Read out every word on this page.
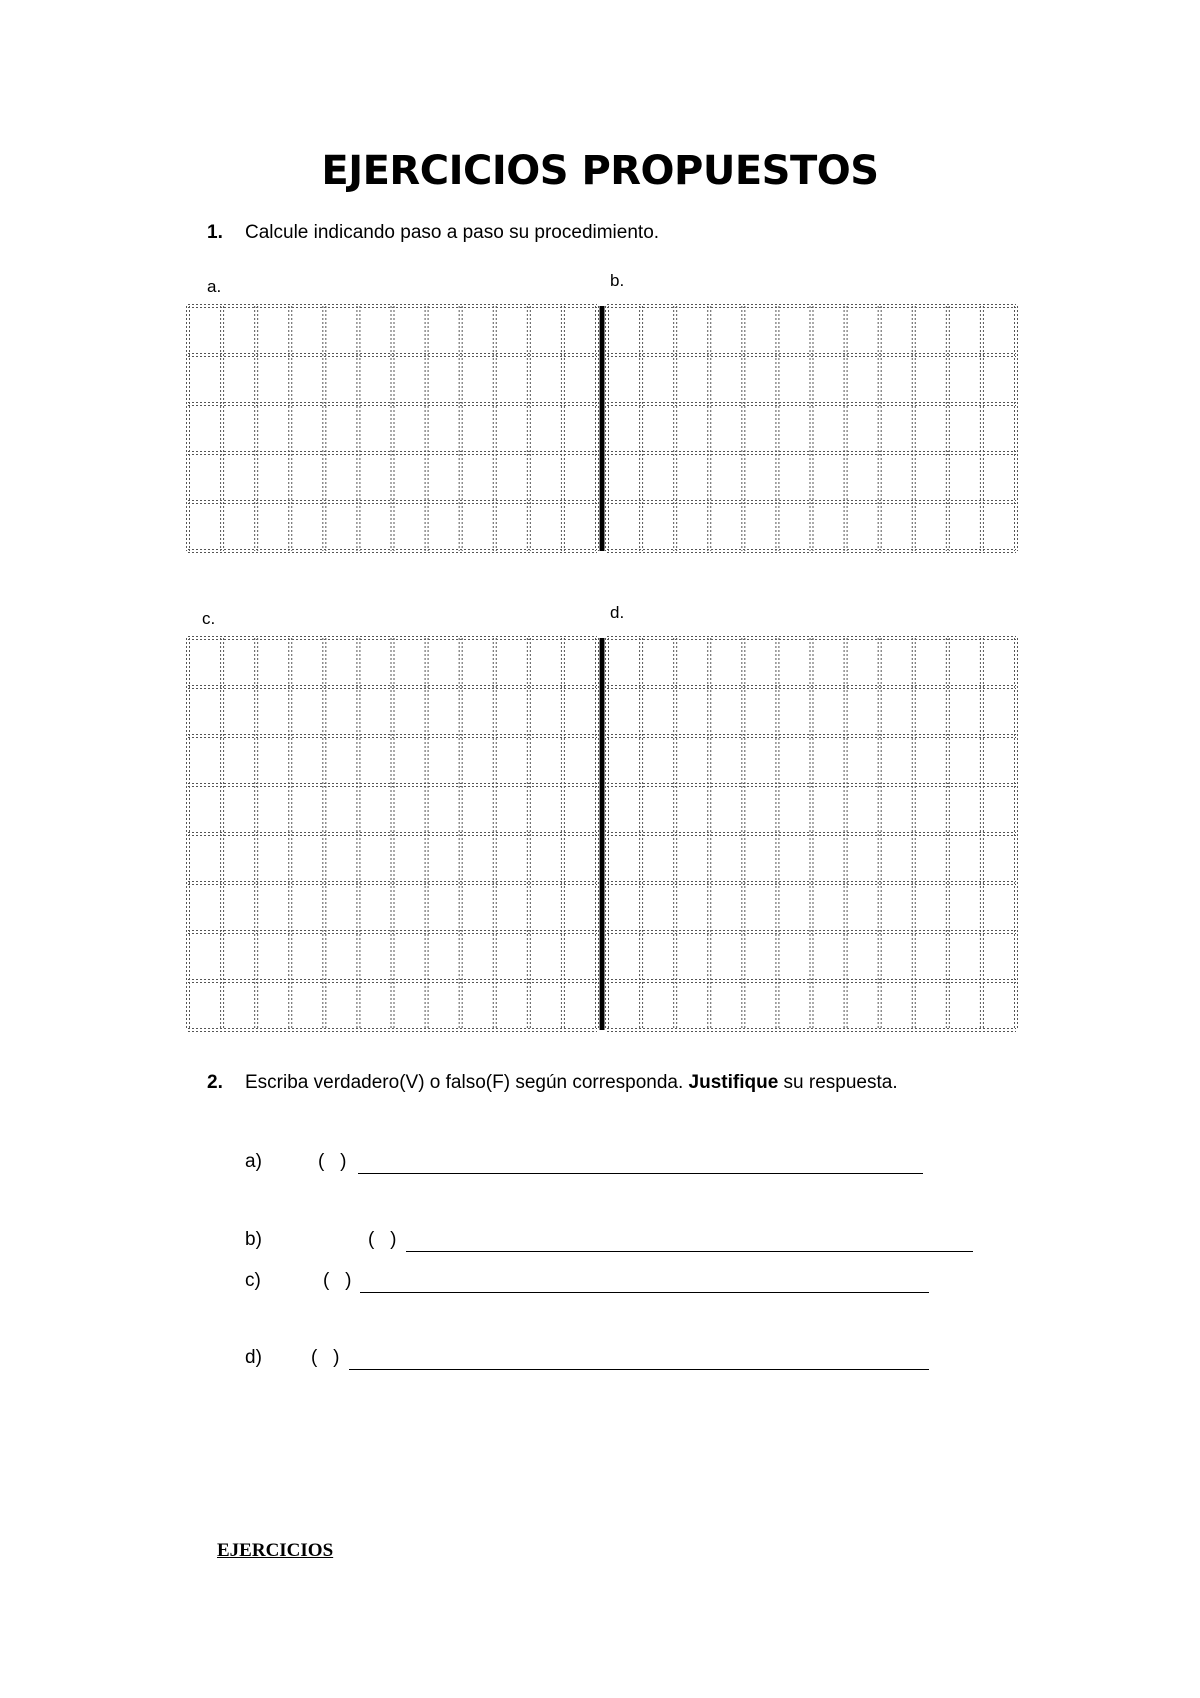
EJERCICIOS PROPUESTOS
1. Calcule indicando paso a paso su procedimiento.
a.	b.
c.	d.
2. Escriba verdadero(V) o falso(F) según corresponda. Justifique su respuesta.
a)	(   )
b)	(   )
c)	(   )
d)	(   )
EJERCICIOS
